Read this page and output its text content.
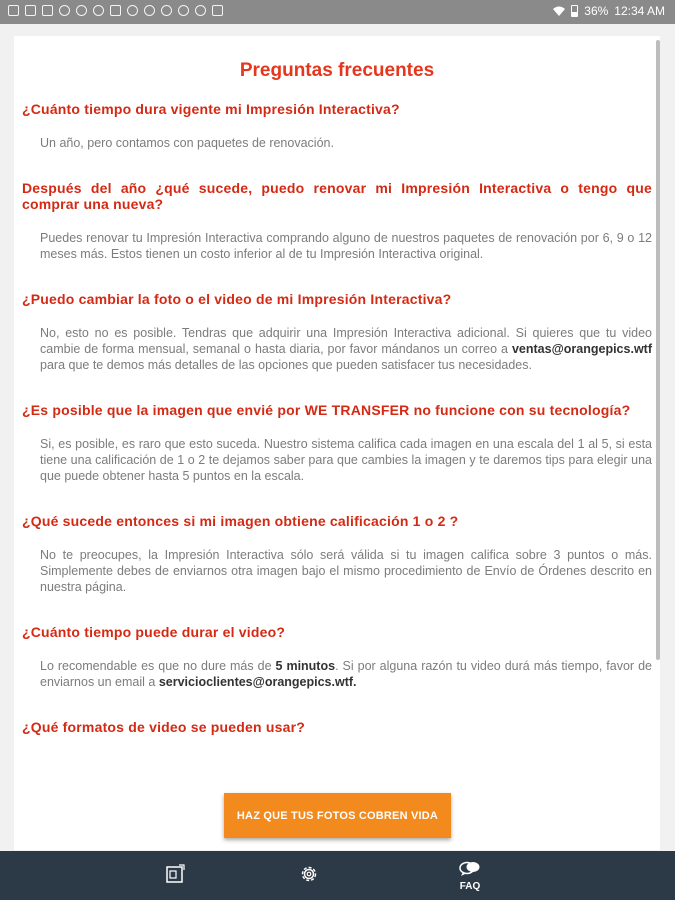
36% 12:34 AM
Preguntas frecuentes

¿Cuánto tiempo dura vigente mi Impresión Interactiva?

Un año, pero contamos con paquetes de renovación.

Después del año ¿qué sucede, puedo renovar mi Impresión Interactiva o tengo que comprar una nueva?

Puedes renovar tu Impresión Interactiva comprando alguno de nuestros paquetes de renovación por 6, 9 o 12 meses más. Estos tienen un costo inferior al de tu Impresión Interactiva original.

¿Puedo cambiar la foto o el video de mi Impresión Interactiva?

No, esto no es posible. Tendras que adquirir una Impresión Interactiva adicional. Si quieres que tu video cambie de forma mensual, semanal o hasta diaria, por favor mándanos un correo a ventas@orangepics.wtf para que te demos más detalles de las opciones que pueden satisfacer tus necesidades.

¿Es posible que la imagen que envié por WE TRANSFER no funcione con su tecnología?

Si, es posible, es raro que esto suceda. Nuestro sistema califica cada imagen en una escala del 1 al 5, si esta tiene una calificación de 1 o 2 te dejamos saber para que cambies la imagen y te daremos tips para elegir una que puede obtener hasta 5 puntos en la escala.

¿Qué sucede entonces si mi imagen obtiene calificación 1 o 2 ?

No te preocupes, la Impresión Interactiva sólo será válida si tu imagen califica sobre 3 puntos o más. Simplemente debes de enviarnos otra imagen bajo el mismo procedimiento de Envío de Órdenes descrito en nuestra página.

¿Cuánto tiempo puede durar el video?

Lo recomendable es que no dure más de 5 minutos. Si por alguna razón tu video durá más tiempo, favor de enviarnos un email a servicioclientes@orangepics.wtf.

¿Qué formatos de video se pueden usar?

HAZ QUE TUS FOTOS COBREN VIDA
FAQ
